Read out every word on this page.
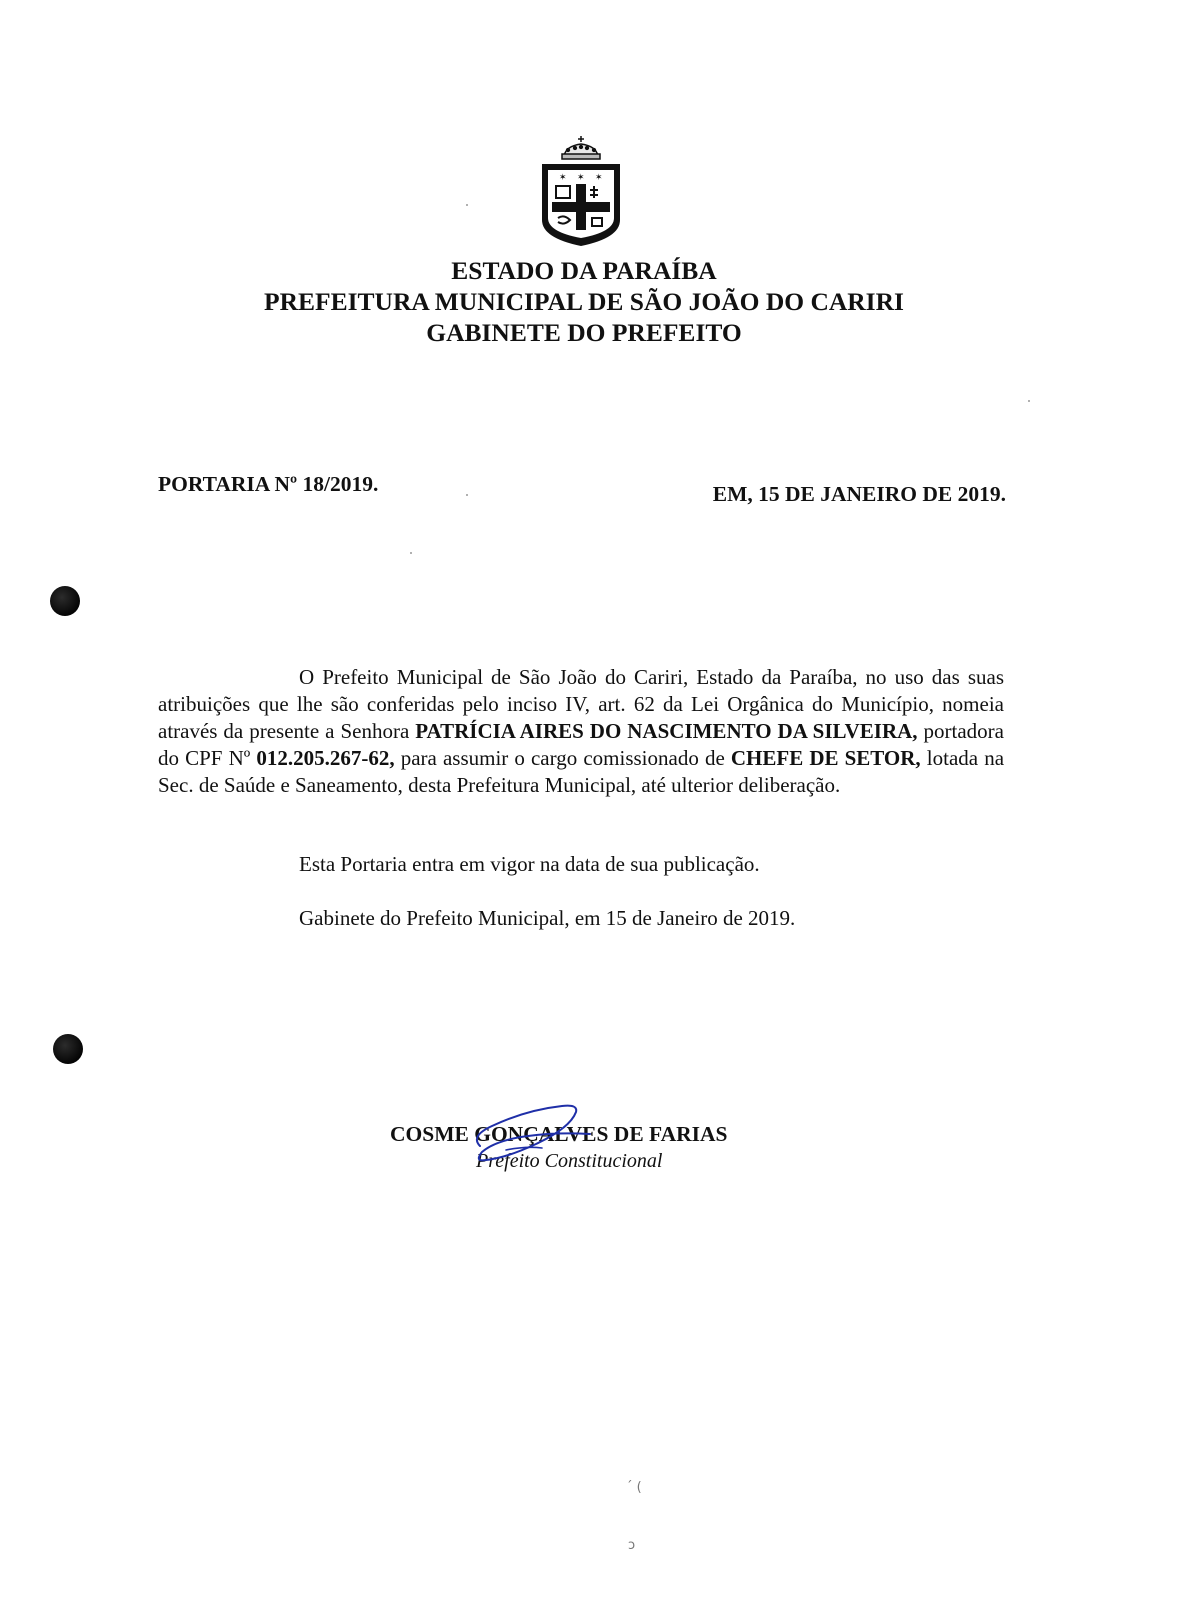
✶ ✶ ✶
ESTADO DA PARAÍBA
PREFEITURA MUNICIPAL DE SÃO JOÃO DO CARIRI
GABINETE DO PREFEITO
PORTARIA Nº 18/2019.	EM, 15 DE JANEIRO DE 2019.

O Prefeito Municipal de São João do Cariri, Estado da Paraíba, no uso das suas atribuições que lhe são conferidas pelo inciso IV, art. 62 da Lei Orgânica do Município, nomeia através da presente a Senhora PATRÍCIA AIRES DO NASCIMENTO DA SILVEIRA, portadora do CPF Nº 012.205.267-62, para assumir o cargo comissionado de CHEFE DE SETOR, lotada na Sec. de Saúde e Saneamento, desta Prefeitura Municipal, até ulterior deliberação.

Esta Portaria entra em vigor na data de sua publicação.
Gabinete do Prefeito Municipal, em 15 de Janeiro de 2019.
COSME GONÇALVES DE FARIAS
Prefeito Constitucional
´ (
ɔ
